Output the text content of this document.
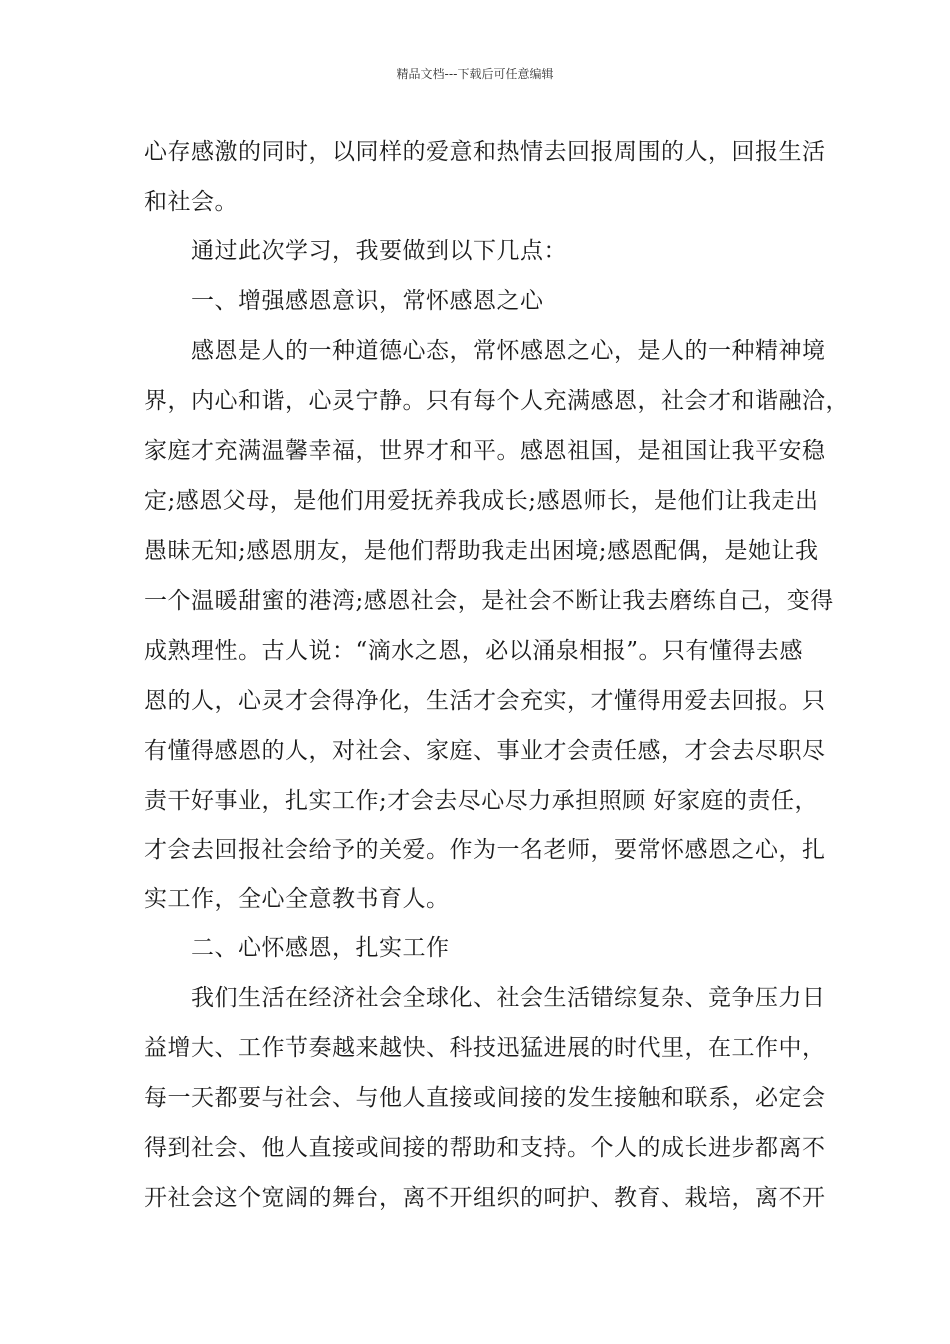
精品文档---下载后可任意编辑
心存感激的同时，以同样的爱意和热情去回报周围的人，回报生活
和社会。
通过此次学习，我要做到以下几点：
一、增强感恩意识，常怀感恩之心
感恩是人的一种道德心态，常怀感恩之心，是人的一种精神境
界，内心和谐，心灵宁静。只有每个人充满感恩，社会才和谐融洽，
家庭才充满温馨幸福，世界才和平。感恩祖国，是祖国让我平安稳
定;感恩父母，是他们用爱抚养我成长;感恩师长，是他们让我走出
愚昧无知;感恩朋友，是他们帮助我走出困境;感恩配偶，是她让我
一个温暖甜蜜的港湾;感恩社会，是社会不断让我去磨练自己，变得
成熟理性。古人说：“滴水之恩，必以涌泉相报”。只有懂得去感
恩的人，心灵才会得净化，生活才会充实，才懂得用爱去回报。只
有懂得感恩的人，对社会、家庭、事业才会责任感，才会去尽职尽
责干好事业，扎实工作;才会去尽心尽力承担照顾 好家庭的责任，
才会去回报社会给予的关爱。作为一名老师，要常怀感恩之心，扎
实工作，全心全意教书育人。
二、心怀感恩，扎实工作
我们生活在经济社会全球化、社会生活错综复杂、竞争压力日
益增大、工作节奏越来越快、科技迅猛进展的时代里，在工作中，
每一天都要与社会、与他人直接或间接的发生接触和联系，必定会
得到社会、他人直接或间接的帮助和支持。个人的成长进步都离不
开社会这个宽阔的舞台，离不开组织的呵护、教育、栽培，离不开
